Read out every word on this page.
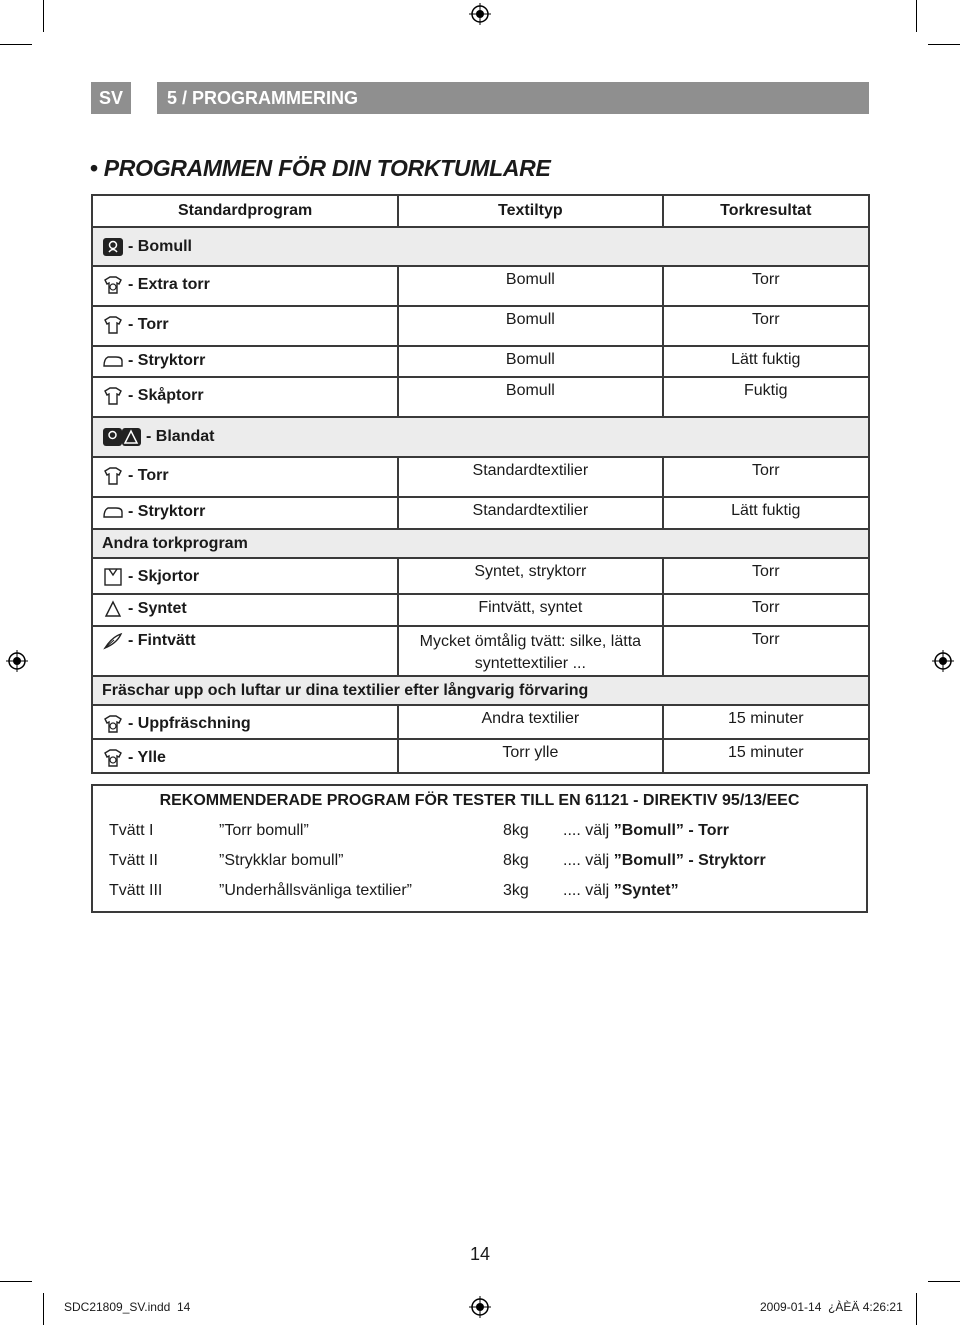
SV	5 / PROGRAMMERING
• PROGRAMMEN FÖR DIN TORKTUMLARE
Standardprogram	Textiltyp	Torkresultat

- Bomull		

- Extra torr	Bomull	Torr

- Torr	Bomull	Torr

- Stryktorr	Bomull	Lätt fuktig

- Skåptorr	Bomull	Fuktig

- Blandat		

- Torr	Standardtextilier	Torr

- Stryktorr	Standardtextilier	Lätt fuktig
Andra torkprogram		

- Skjortor	Syntet, stryktorr	Torr

- Syntet	Fintvätt, syntet	Torr

- Fintvätt	Mycket ömtålig tvätt: silke, lätta syntettextilier ...	Torr
Fräschar upp och luftar ur dina textilier efter långvarig förvaring		

- Uppfräschning	Andra textilier	15 minuter

- Ylle	Torr ylle	15 minuter
REKOMMENDERADE PROGRAM FÖR TESTER TILL EN 61121 - DIREKTIV 95/13/EEC
Tvätt I	”Torr bomull”	8kg .... välj ”Bomull” - Torr
Tvätt II	”Strykklar bomull”	8kg .... välj ”Bomull” - Stryktorr
Tvätt III	”Underhållsvänliga textilier”	3kg .... välj ”Syntet”
14
SDC21809_SV.indd 14	2009-01-14 ¿ÀÈÄ 4:26:21
